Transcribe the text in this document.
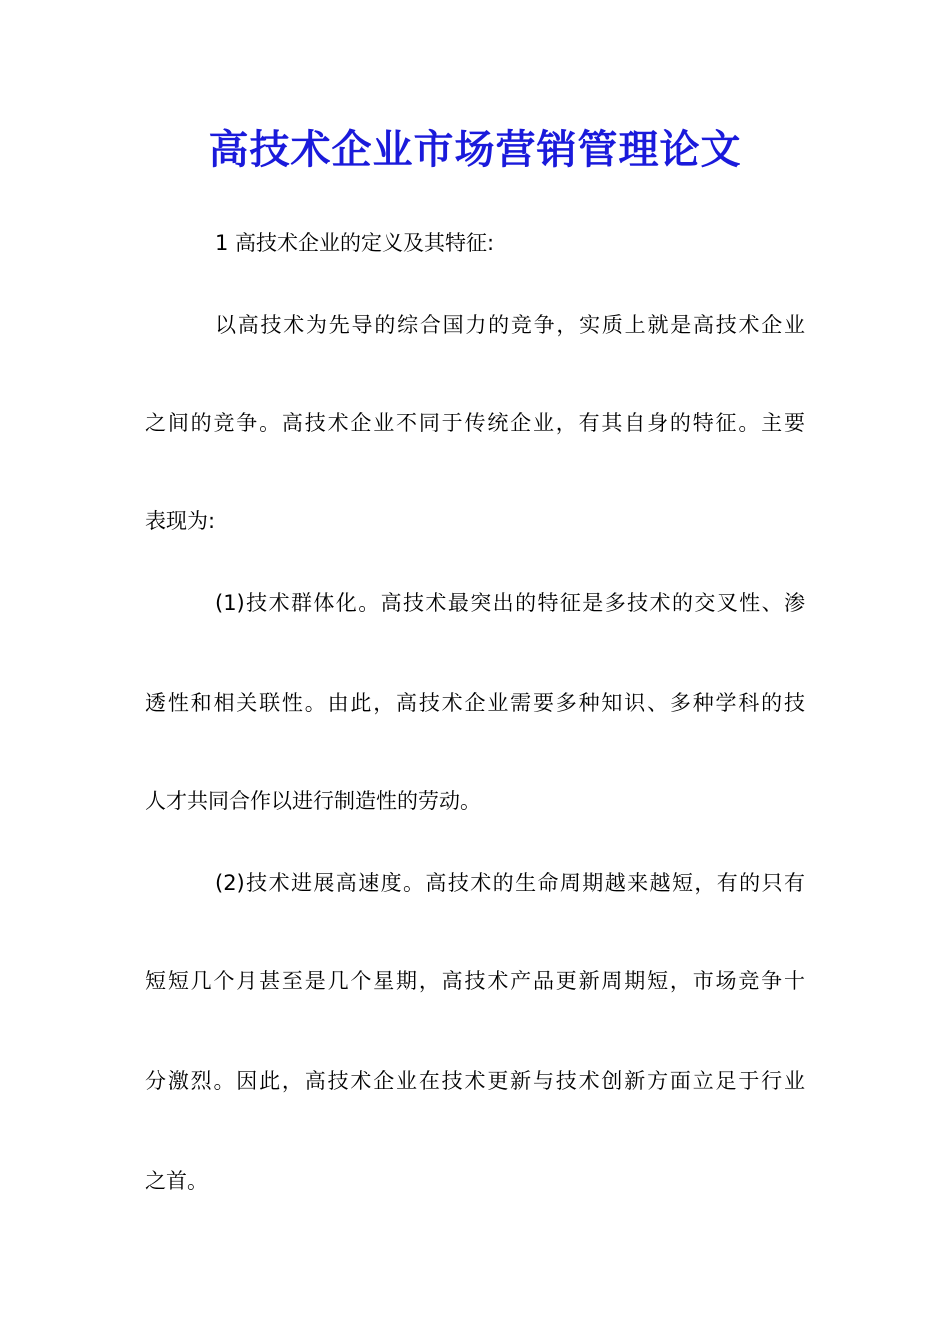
高技术企业市场营销管理论文

1 高技术企业的定义及其特征:

以高技术为先导的综合国力的竞争，实质上就是高技术企业

之间的竞争。高技术企业不同于传统企业，有其自身的特征。主要

表现为:

(1)技术群体化。高技术最突出的特征是多技术的交叉性、渗

透性和相关联性。由此，高技术企业需要多种知识、多种学科的技

人才共同合作以进行制造性的劳动。

(2)技术进展高速度。高技术的生命周期越来越短，有的只有

短短几个月甚至是几个星期，高技术产品更新周期短，市场竞争十

分激烈。因此，高技术企业在技术更新与技术创新方面立足于行业

之首。
